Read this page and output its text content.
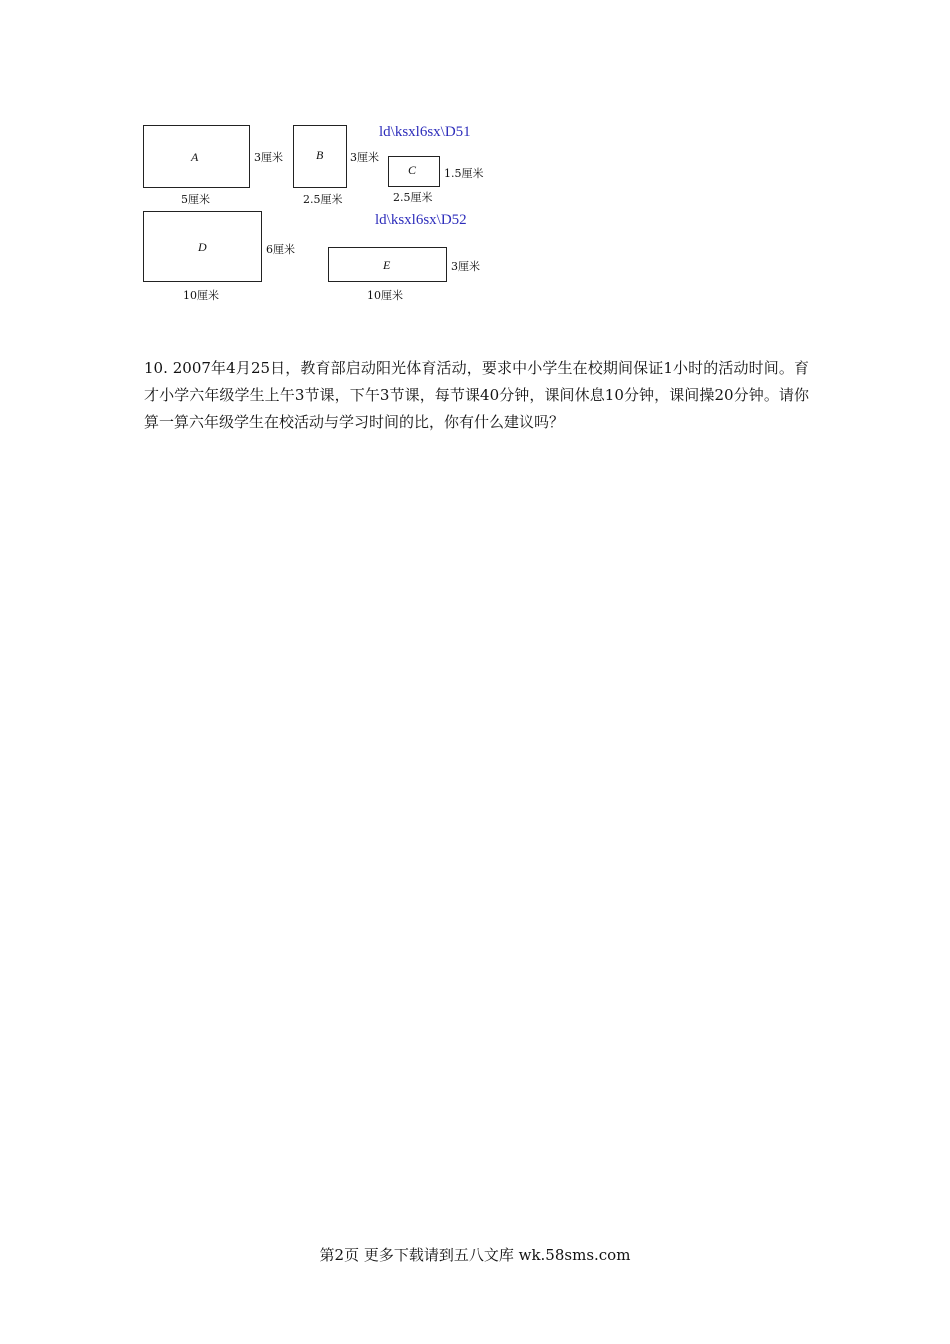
A	3厘米
5厘米
B 3厘米
2.5厘米
ld\ksxl6sx\D51
C	1.5厘米
2.5厘米
ld\ksxl6sx\D52
D	6厘米
10厘米
E	3厘米
10厘米
10. 2007年4月25日，教育部启动阳光体育活动，要求中小学生在校期间保证1小时的活动时间。育才小学六年级学生上午3节课，下午3节课，每节课40分钟，课间休息10分钟，课间操20分钟。请你算一算六年级学生在校活动与学习时间的比，你有什么建议吗？
第2页 更多下载请到五八文库 wk.58sms.com
